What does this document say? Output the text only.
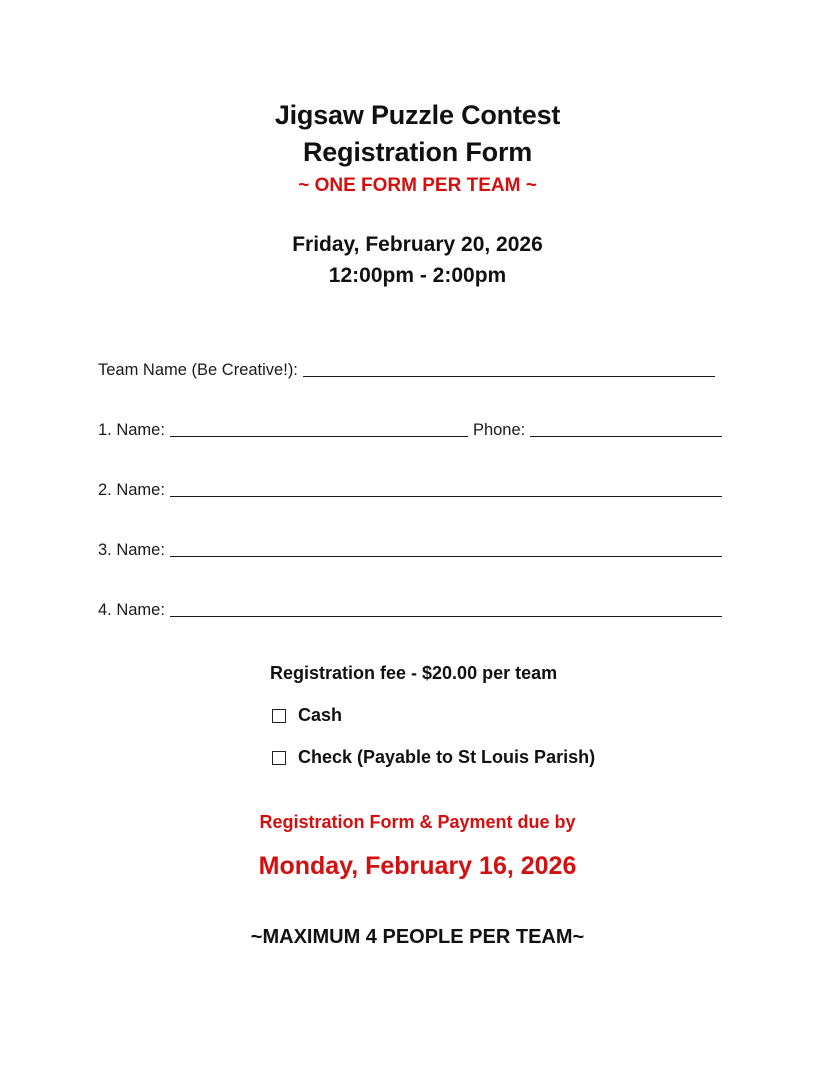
Jigsaw Puzzle Contest
Registration Form
~ ONE FORM PER TEAM ~
Friday, February 20, 2026
12:00pm - 2:00pm
Team Name (Be Creative!):
1. Name:	Phone:
2. Name:
3. Name:
4. Name:
Registration fee - $20.00 per team
Cash
Check (Payable to St Louis Parish)
Registration Form & Payment due by
Monday, February 16, 2026
~MAXIMUM 4 PEOPLE PER TEAM~
